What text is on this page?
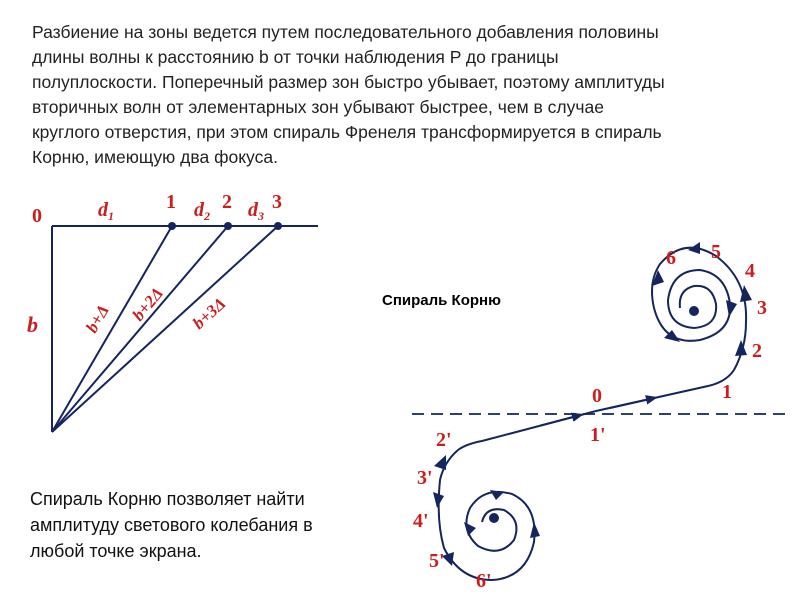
Разбиение на зоны ведется путем последовательного добавления половины
длины волны к расстоянию b от точки наблюдения P до границы
полуплоскости. Поперечный размер зон быстро убывает, поэтому амплитуды
вторичных волн от элементарных зон убывают быстрее, чем в случае
круглого отверстия, при этом спираль Френеля трансформируется в спираль
Корню, имеющую два фокуса.
0
b
1 2 3
$d_1$	$d_2$ $d_3$
b+Δ b+2Δ b+3Δ
0	1
2
3
4
5
6
1'
2'
3'
4'
5'
6'
Спираль Корню
Спираль Корню позволяет найти
амплитуду светового колебания в
любой точке экрана.
